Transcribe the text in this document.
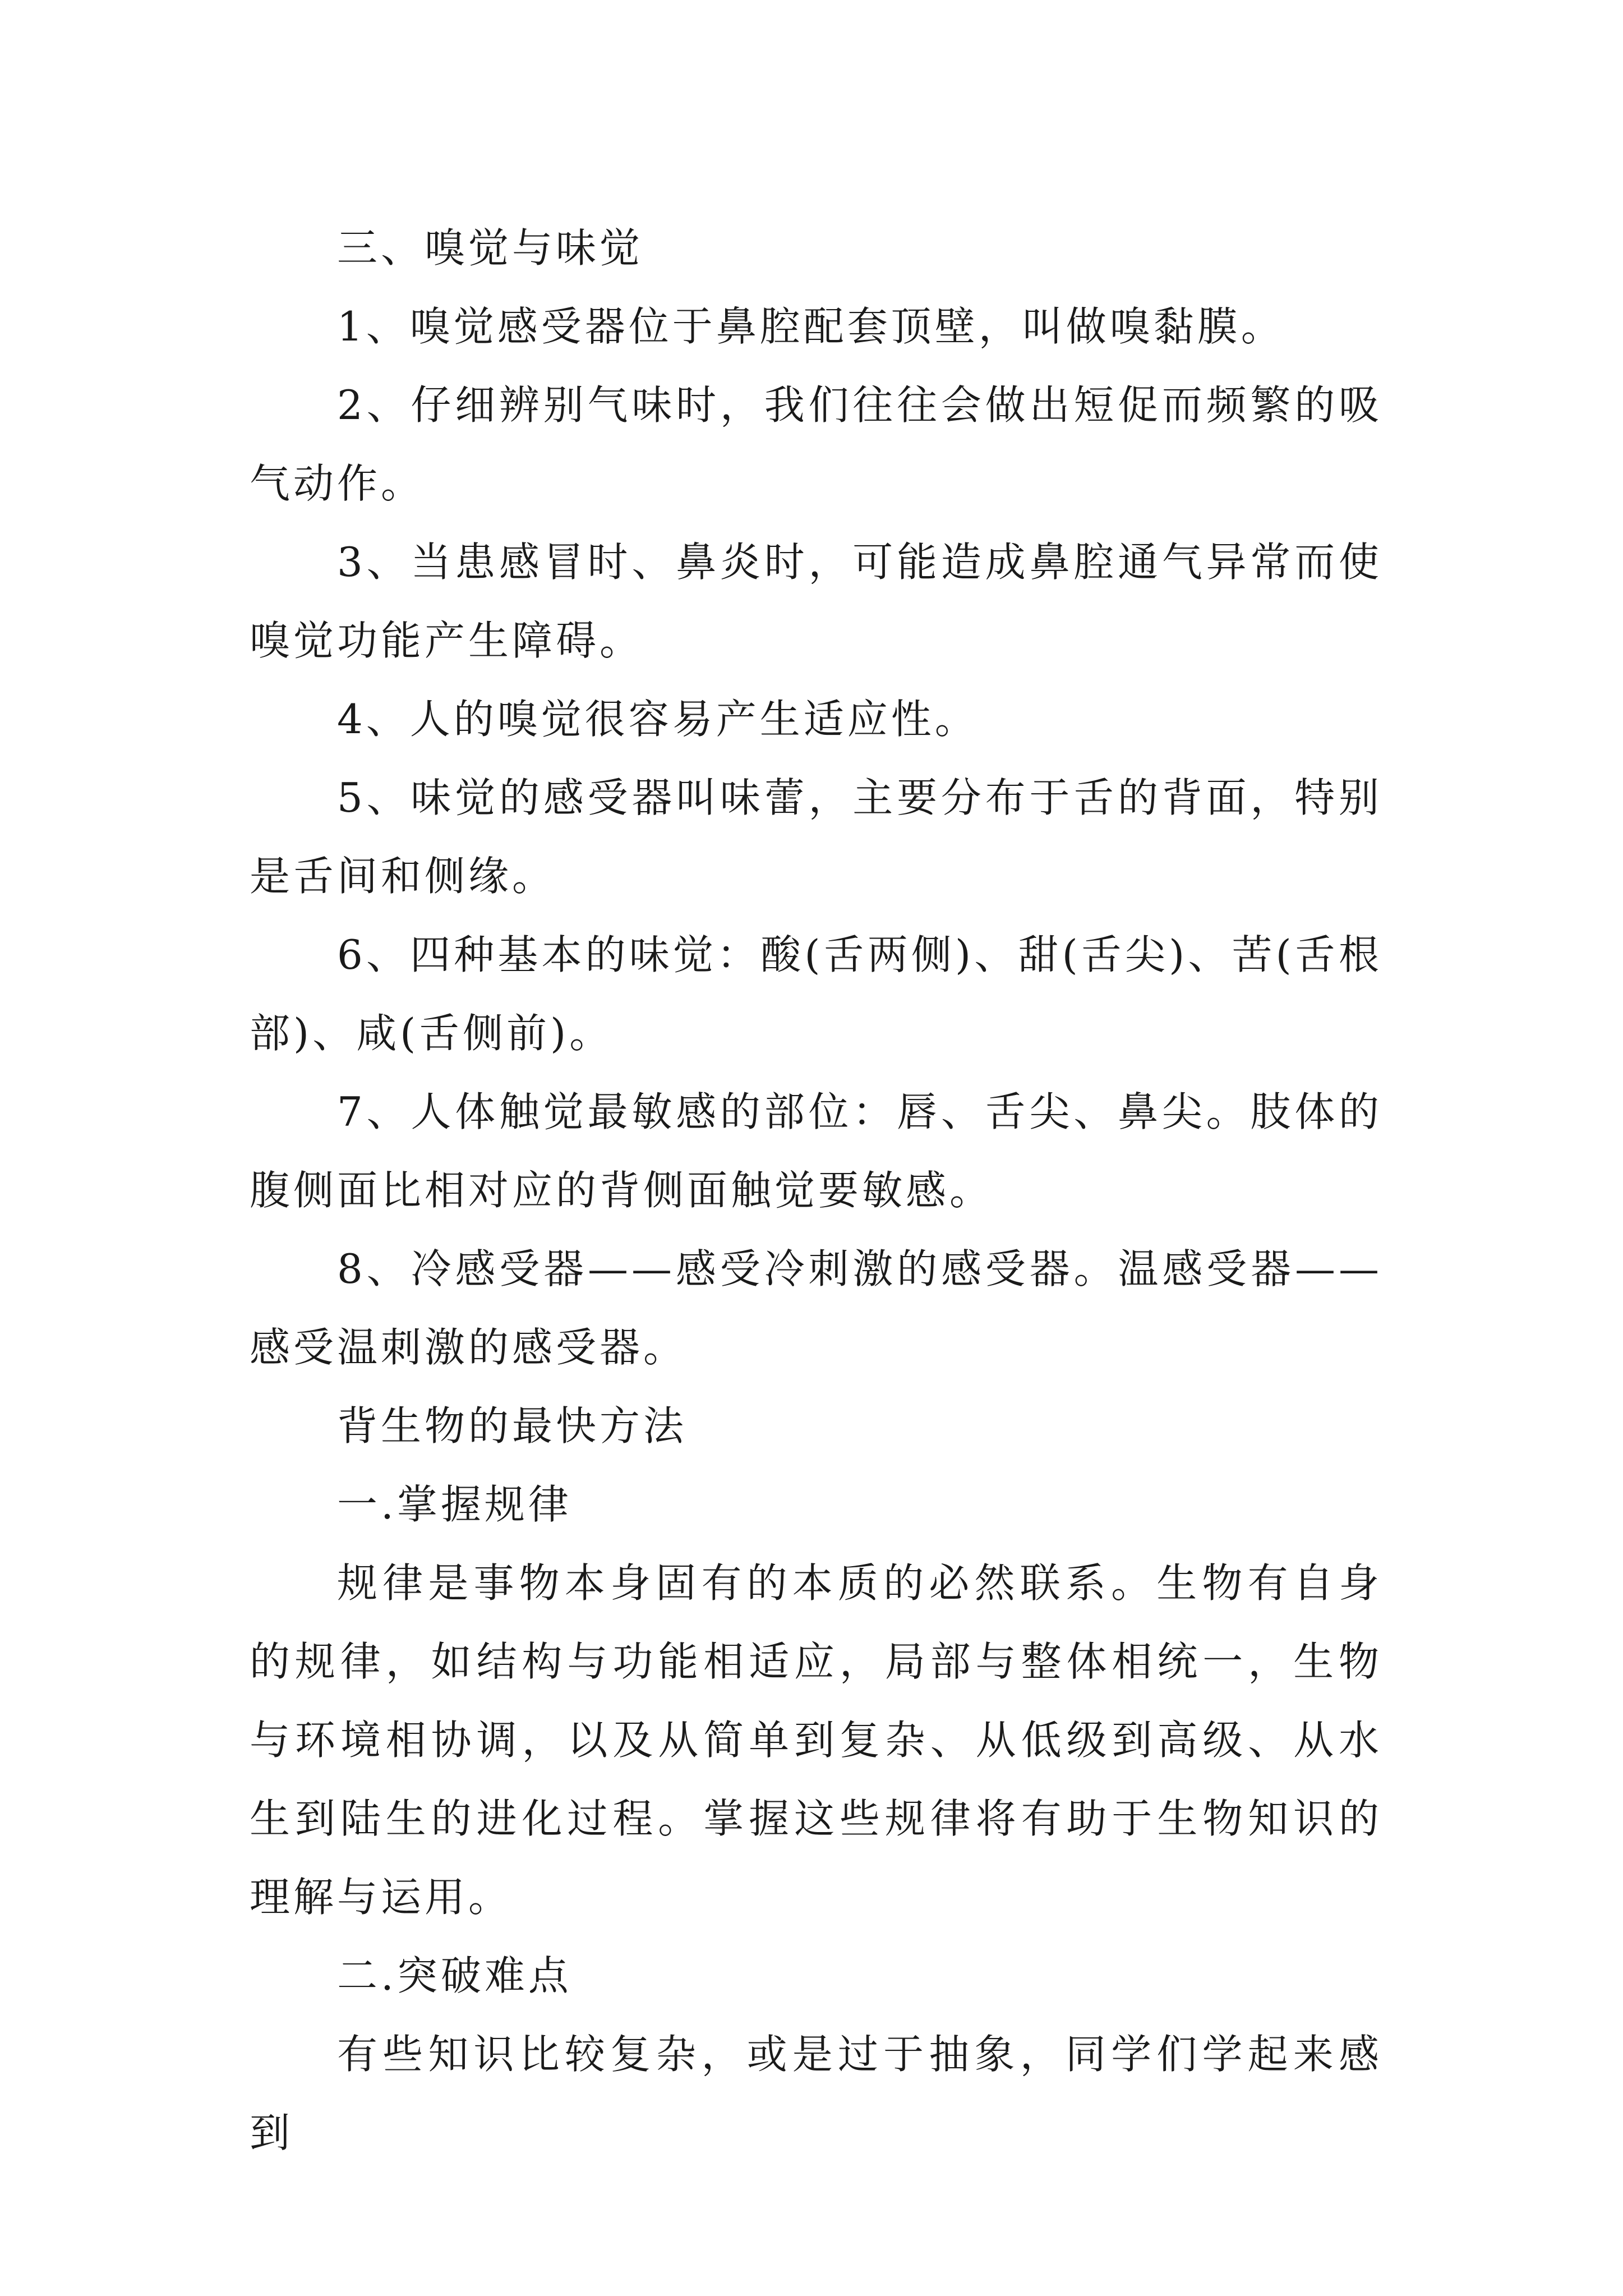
三、嗅觉与味觉

1、嗅觉感受器位于鼻腔配套顶壁，叫做嗅黏膜。

2、仔细辨别气味时，我们往往会做出短促而频繁的吸气动作。

3、当患感冒时、鼻炎时，可能造成鼻腔通气异常而使嗅觉功能产生障碍。

4、人的嗅觉很容易产生适应性。

5、味觉的感受器叫味蕾，主要分布于舌的背面，特别是舌间和侧缘。

6、四种基本的味觉：酸(舌两侧)、甜(舌尖)、苦(舌根部)、咸(舌侧前)。

7、人体触觉最敏感的部位：唇、舌尖、鼻尖。肢体的腹侧面比相对应的背侧面触觉要敏感。

8、冷感受器——感受冷刺激的感受器。温感受器——感受温刺激的感受器。

背生物的最快方法

一.掌握规律

规律是事物本身固有的本质的必然联系。生物有自身的规律，如结构与功能相适应，局部与整体相统一，生物与环境相协调，以及从简单到复杂、从低级到高级、从水生到陆生的进化过程。掌握这些规律将有助于生物知识的理解与运用。

二.突破难点

有些知识比较复杂，或是过于抽象，同学们学起来感到
